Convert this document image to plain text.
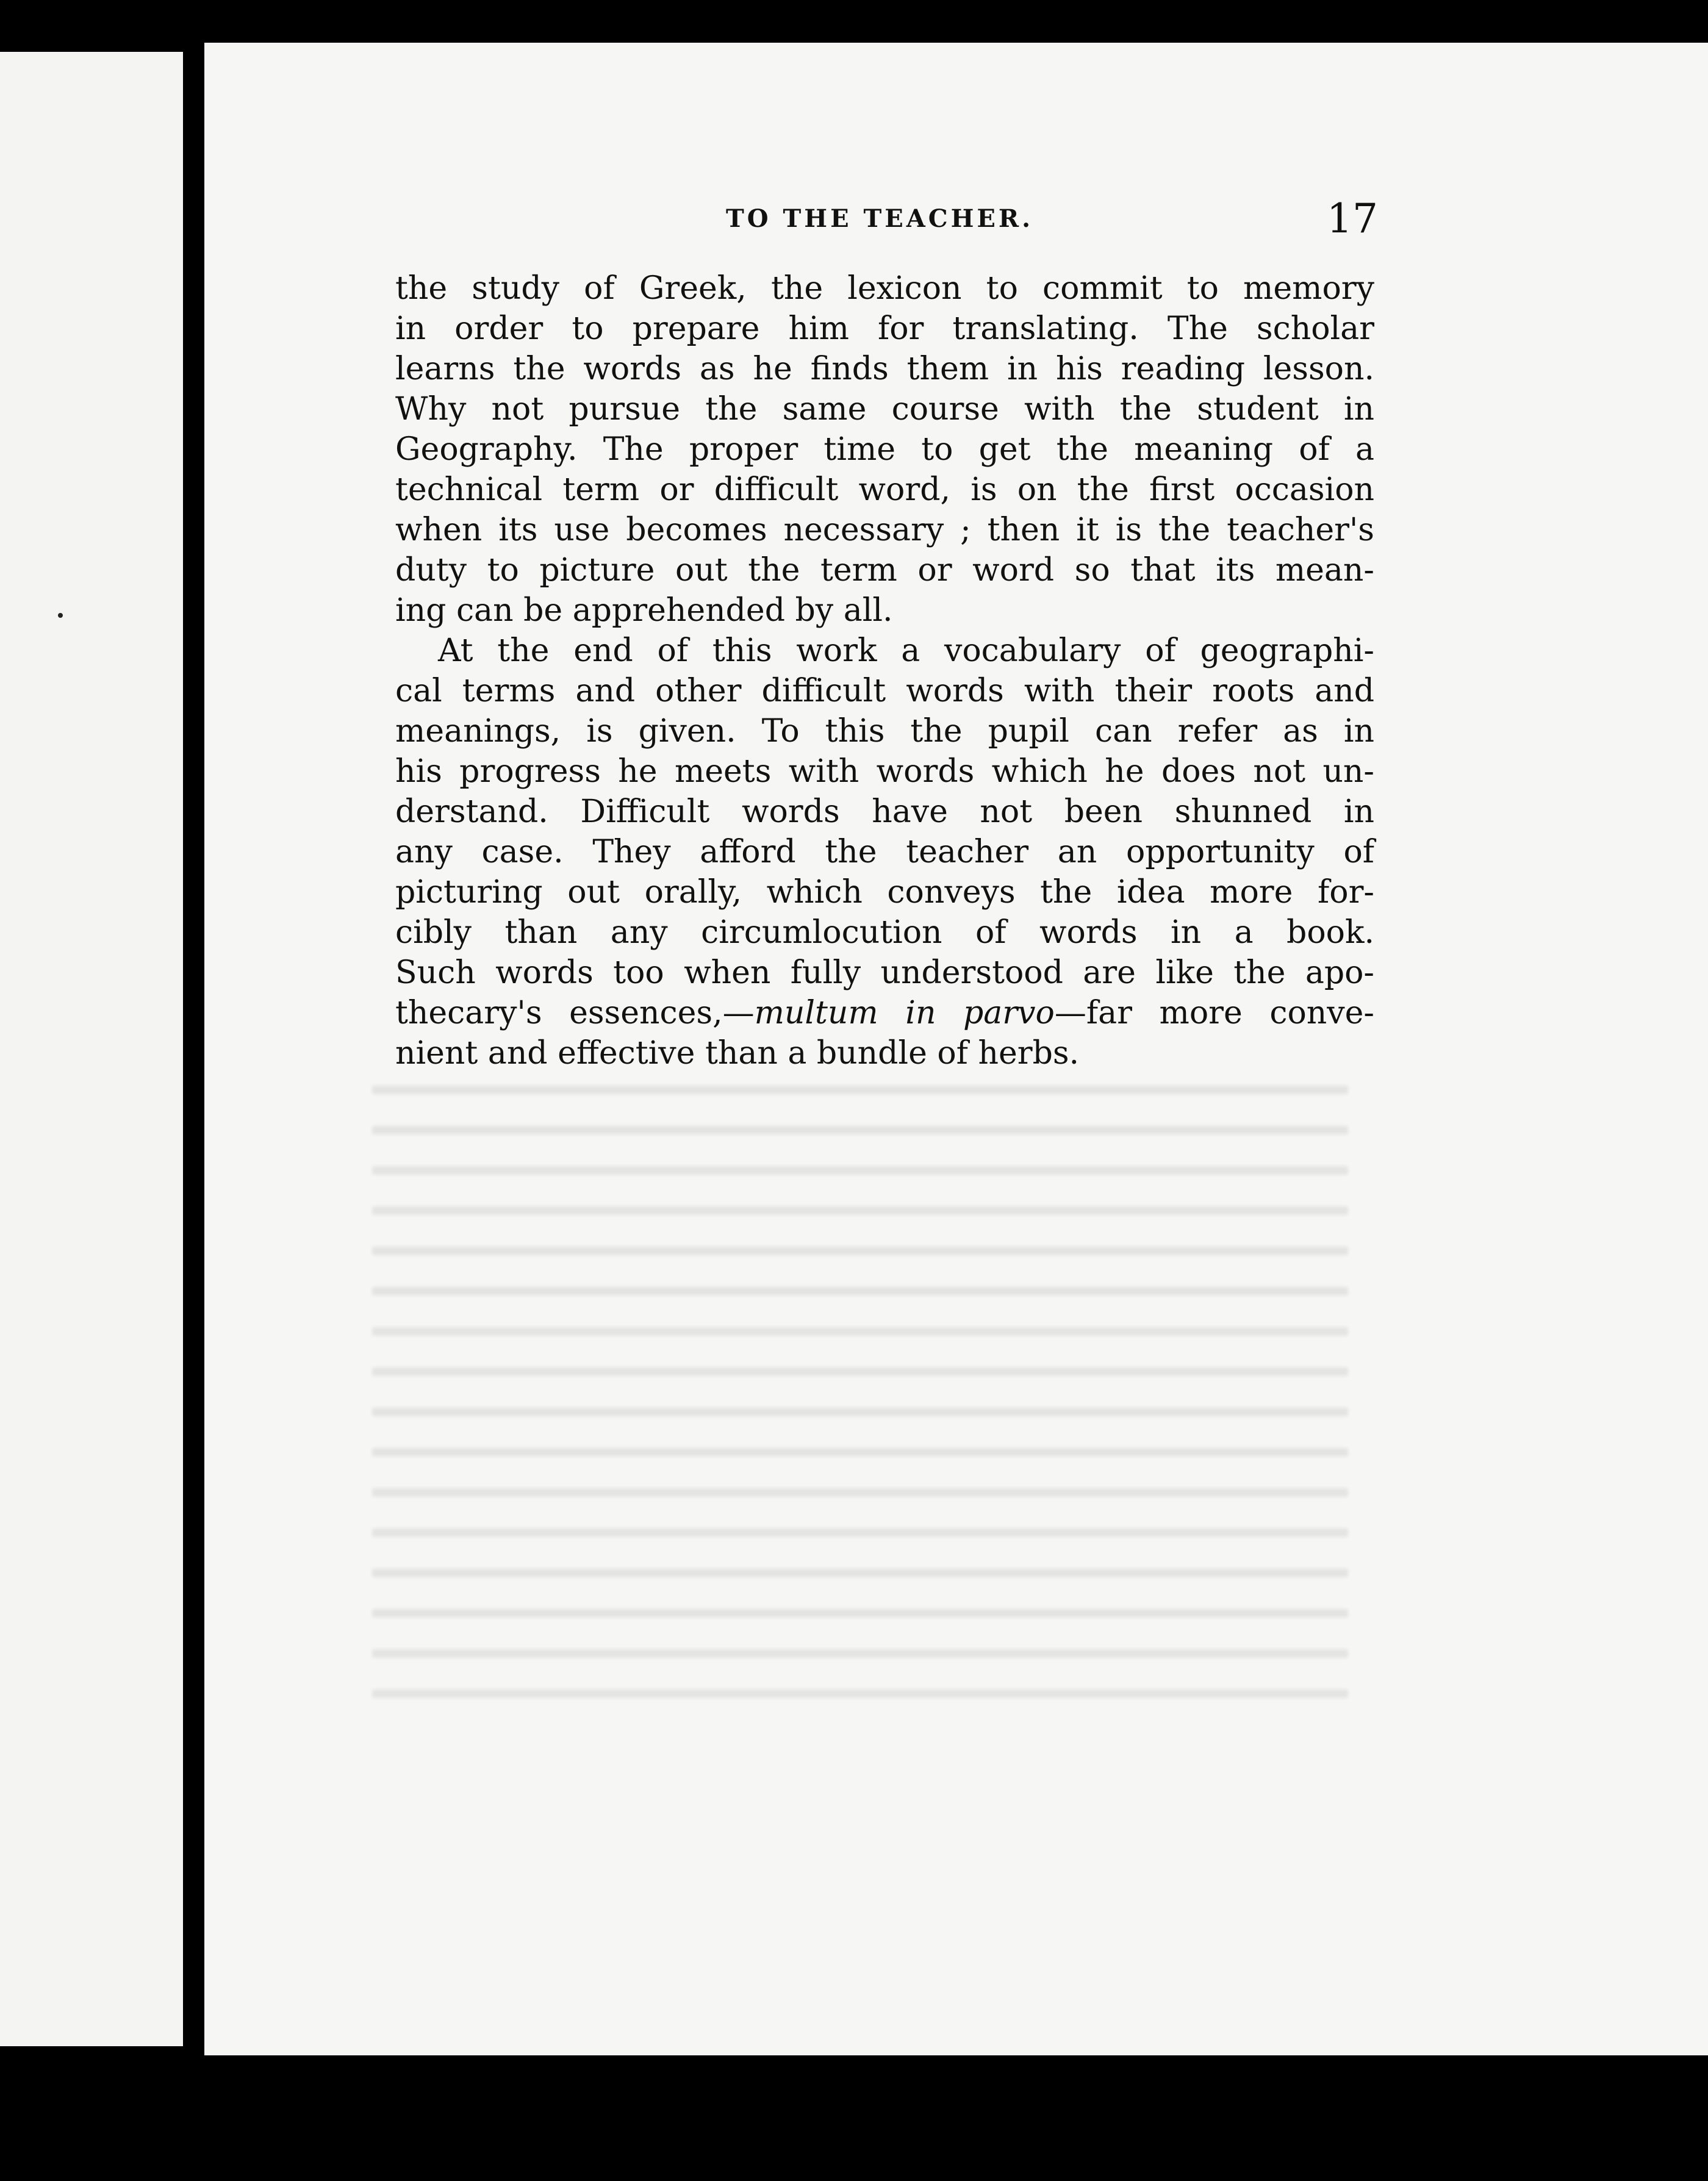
TO THE TEACHER.	17
the study of Greek, the lexicon to commit to memory
in order to prepare him for translating. The scholar
learns the words as he finds them in his reading lesson.
Why not pursue the same course with the student in
Geography. The proper time to get the meaning of a
technical term or difficult word, is on the first occasion
when its use becomes necessary ; then it is the teacher's
duty to picture out the term or word so that its mean-
ing can be apprehended by all.
At the end of this work a vocabulary of geographi-
cal terms and other difficult words with their roots and
meanings, is given. To this the pupil can refer as in
his progress he meets with words which he does not un-
derstand. Difficult words have not been shunned in
any case. They afford the teacher an opportunity of
picturing out orally, which conveys the idea more for-
cibly than any circumlocution of words in a book.
Such words too when fully understood are like the apo-
thecary's essences,—multum in parvo—far more conve-
nient and effective than a bundle of herbs.
